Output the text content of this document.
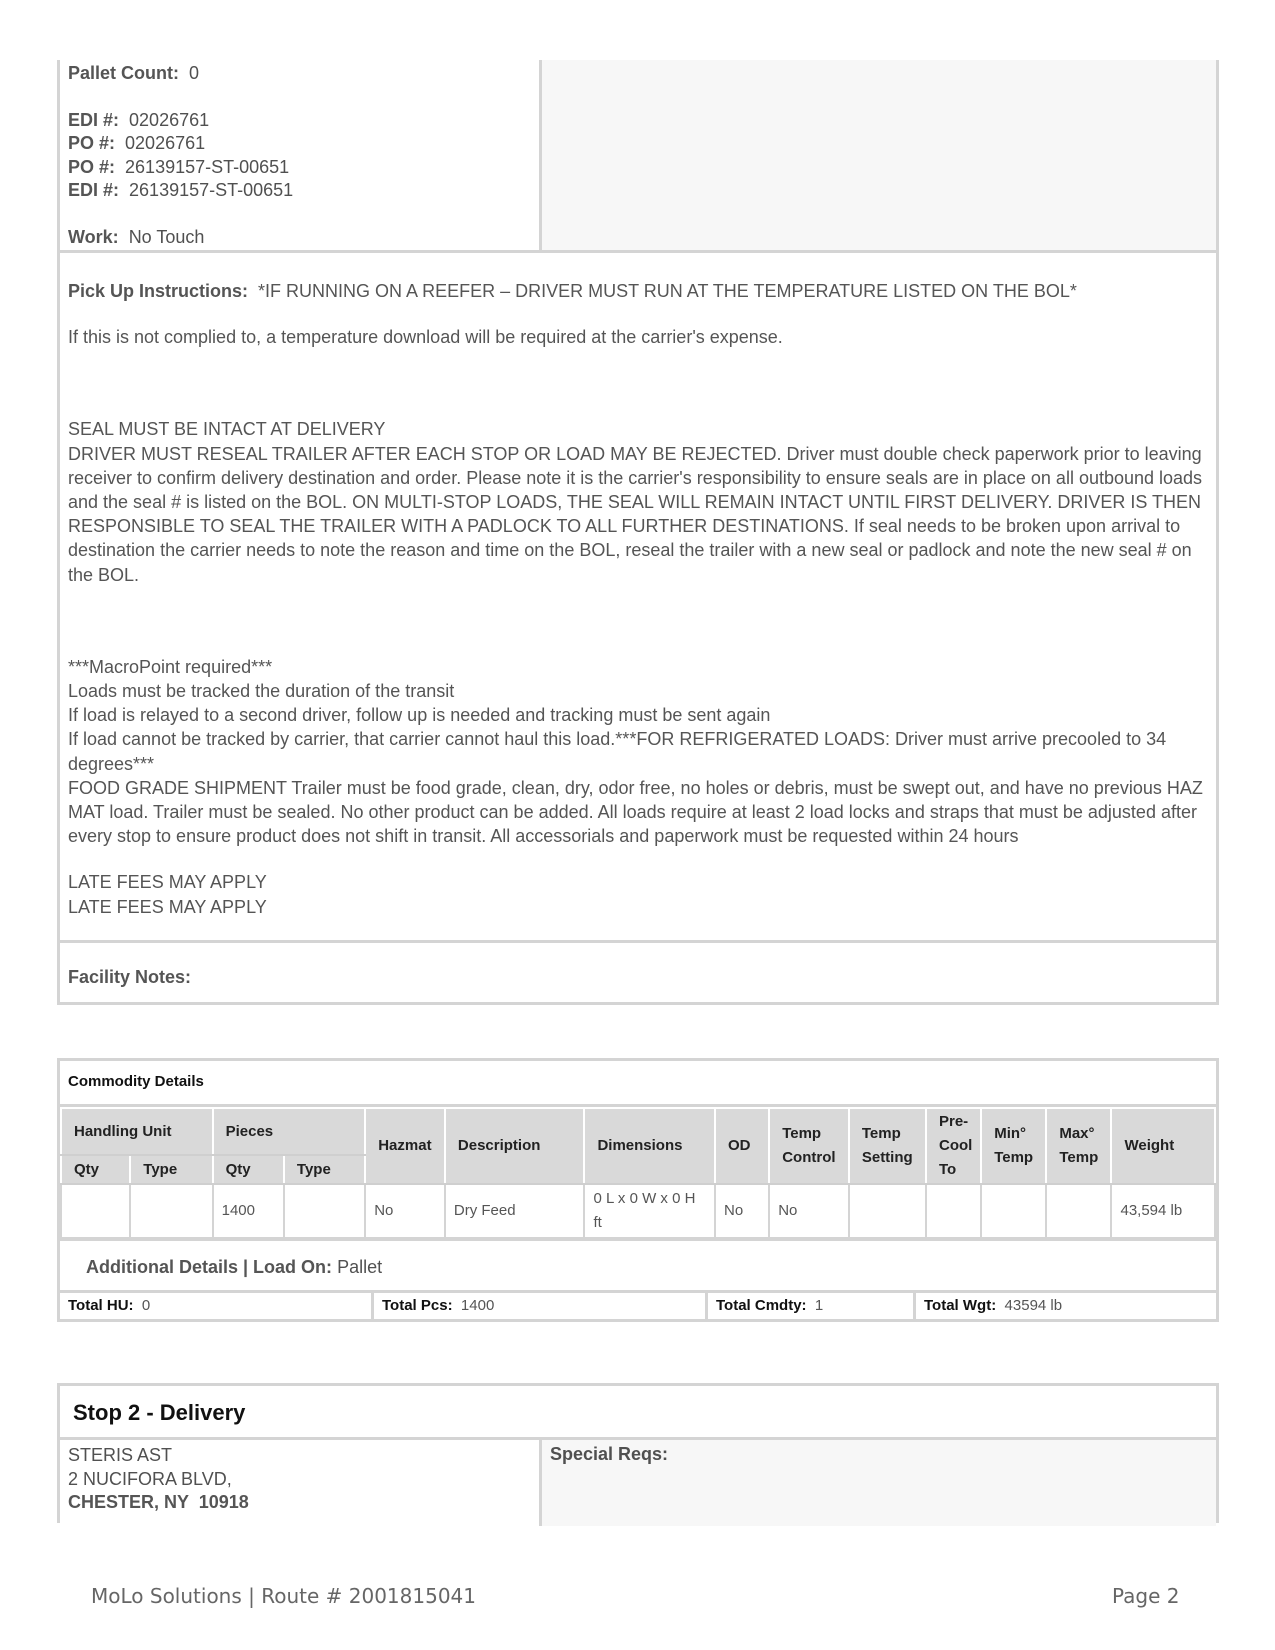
Pallet Count: 0
EDI #: 02026761
PO #: 02026761
PO #: 26139157-ST-00651
EDI #: 26139157-ST-00651
Work: No Touch

Pick Up Instructions: *IF RUNNING ON A REEFER – DRIVER MUST RUN AT THE TEMPERATURE LISTED ON THE BOL*

If this is not complied to, a temperature download will be required at the carrier's expense.

SEAL MUST BE INTACT AT DELIVERY

DRIVER MUST RESEAL TRAILER AFTER EACH STOP OR LOAD MAY BE REJECTED. Driver must double check paperwork prior to leaving receiver to confirm delivery destination and order. Please note it is the carrier's responsibility to ensure seals are in place on all outbound loads and the seal # is listed on the BOL. ON MULTI-STOP LOADS, THE SEAL WILL REMAIN INTACT UNTIL FIRST DELIVERY. DRIVER IS THEN RESPONSIBLE TO SEAL THE TRAILER WITH A PADLOCK TO ALL FURTHER DESTINATIONS. If seal needs to be broken upon arrival to destination the carrier needs to note the reason and time on the BOL, reseal the trailer with a new seal or padlock and note the new seal # on the BOL.

***MacroPoint required***

Loads must be tracked the duration of the transit

If load is relayed to a second driver, follow up is needed and tracking must be sent again

If load cannot be tracked by carrier, that carrier cannot haul this load.***FOR REFRIGERATED LOADS: Driver must arrive precooled to 34 degrees***

FOOD GRADE SHIPMENT Trailer must be food grade, clean, dry, odor free, no holes or debris, must be swept out, and have no previous HAZ MAT load. Trailer must be sealed. No other product can be added. All loads require at least 2 load locks and straps that must be adjusted after every stop to ensure product does not shift in transit. All accessorials and paperwork must be requested within 24 hours

LATE FEES MAY APPLY

LATE FEES MAY APPLY

Facility Notes:
Commodity Details
Handling Unit		Pieces		Hazmat	Description	Dimensions	OD	Temp Control	Temp Setting	Pre-Cool To	Min° Temp	Max° Temp	Weight
Qty	Type	Qty	Type										
		1400		No	Dry Feed	0 L x 0 W x 0 H ft	No	No					43,594 lb
Additional Details | Load On: Pallet
Total HU: 0	Total Pcs: 1400	Total Cmdty: 1	Total Wgt: 43594 lb
Stop 2 - Delivery
STERIS AST
2 NUCIFORA BLVD,
CHESTER, NY  10918
Special Reqs:
MoLo Solutions | Route # 2001815041	Page 2
